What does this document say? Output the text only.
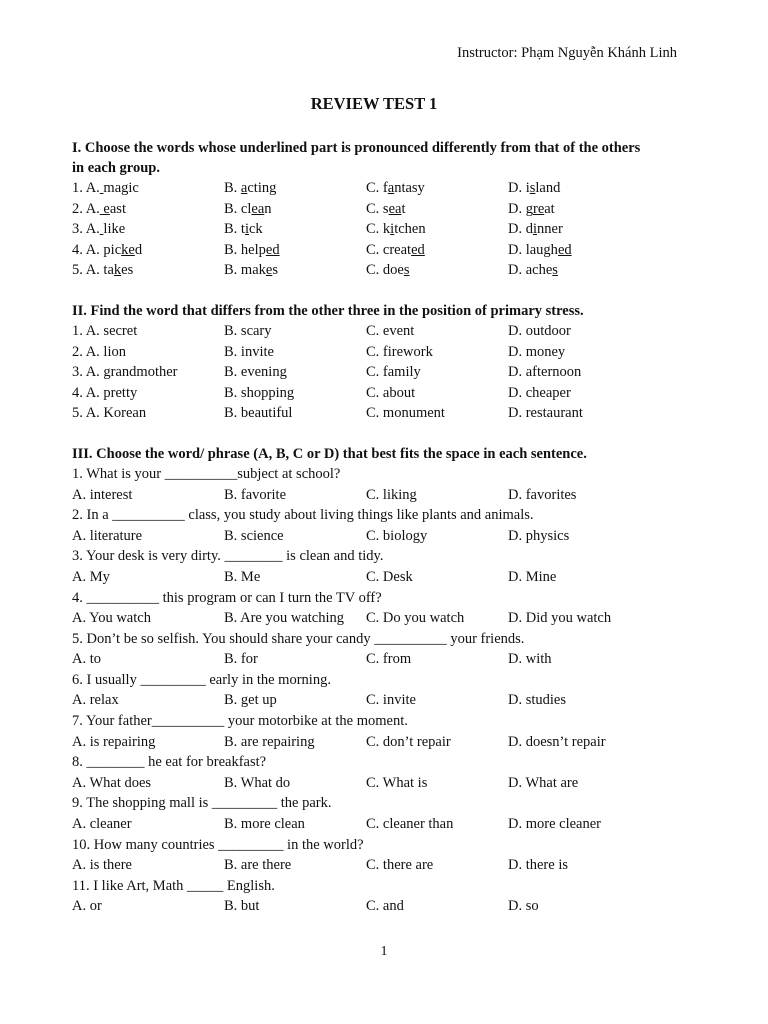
Instructor: Phạm Nguyễn Khánh Linh
REVIEW TEST 1
I. Choose the words whose underlined part is pronounced differently from that of the others
in each group.
1. A. magic	B. acting	C. fantasy	D. island
2. A. east	B. clean	C. seat	D. great
3. A. like	B. tick	C. kitchen	D. dinner
4. A. picked	B. helped	C. created	D. laughed
5. A. takes	B. makes	C. does	D. aches
II. Find the word that differs from the other three in the position of primary stress.
1. A. secret	B. scary	C. event	D. outdoor
2. A. lion	B. invite	C. firework	D. money
3. A. grandmother	B. evening	C. family	D. afternoon
4. A. pretty	B. shopping	C. about	D. cheaper
5. A. Korean	B. beautiful	C. monument	D. restaurant
III. Choose the word/ phrase (A, B, C or D) that best fits the space in each sentence.
1. What is your __________subject at school?
A. interest	B. favorite	C. liking	D. favorites
2. In a __________ class, you study about living things like plants and animals.
A. literature	B. science	C. biology	D. physics
3. Your desk is very dirty. ________ is clean and tidy.
A. My	B. Me	C. Desk	D. Mine
4. __________ this program or can I turn the TV off?
A. You watch	B. Are you watching C. Do you watch	D. Did you watch
5. Don’t be so selfish. You should share your candy __________ your friends.
A. to	B. for	C. from	D. with
6. I usually _________ early in the morning.
A. relax	B. get up	C. invite	D. studies
7. Your father__________ your motorbike at the moment.
A. is repairing	B. are repairing	C. don’t repair	D. doesn’t repair
8. ________ he eat for breakfast?
A. What does	B. What do	C. What is	D. What are
9. The shopping mall is _________ the park.
A. cleaner	B. more clean	C. cleaner than	D. more cleaner
10. How many countries _________ in the world?
A. is there	B. are there	C. there are	D. there is
11. I like Art, Math _____ English.
A. or	B. but	C. and	D. so
1
